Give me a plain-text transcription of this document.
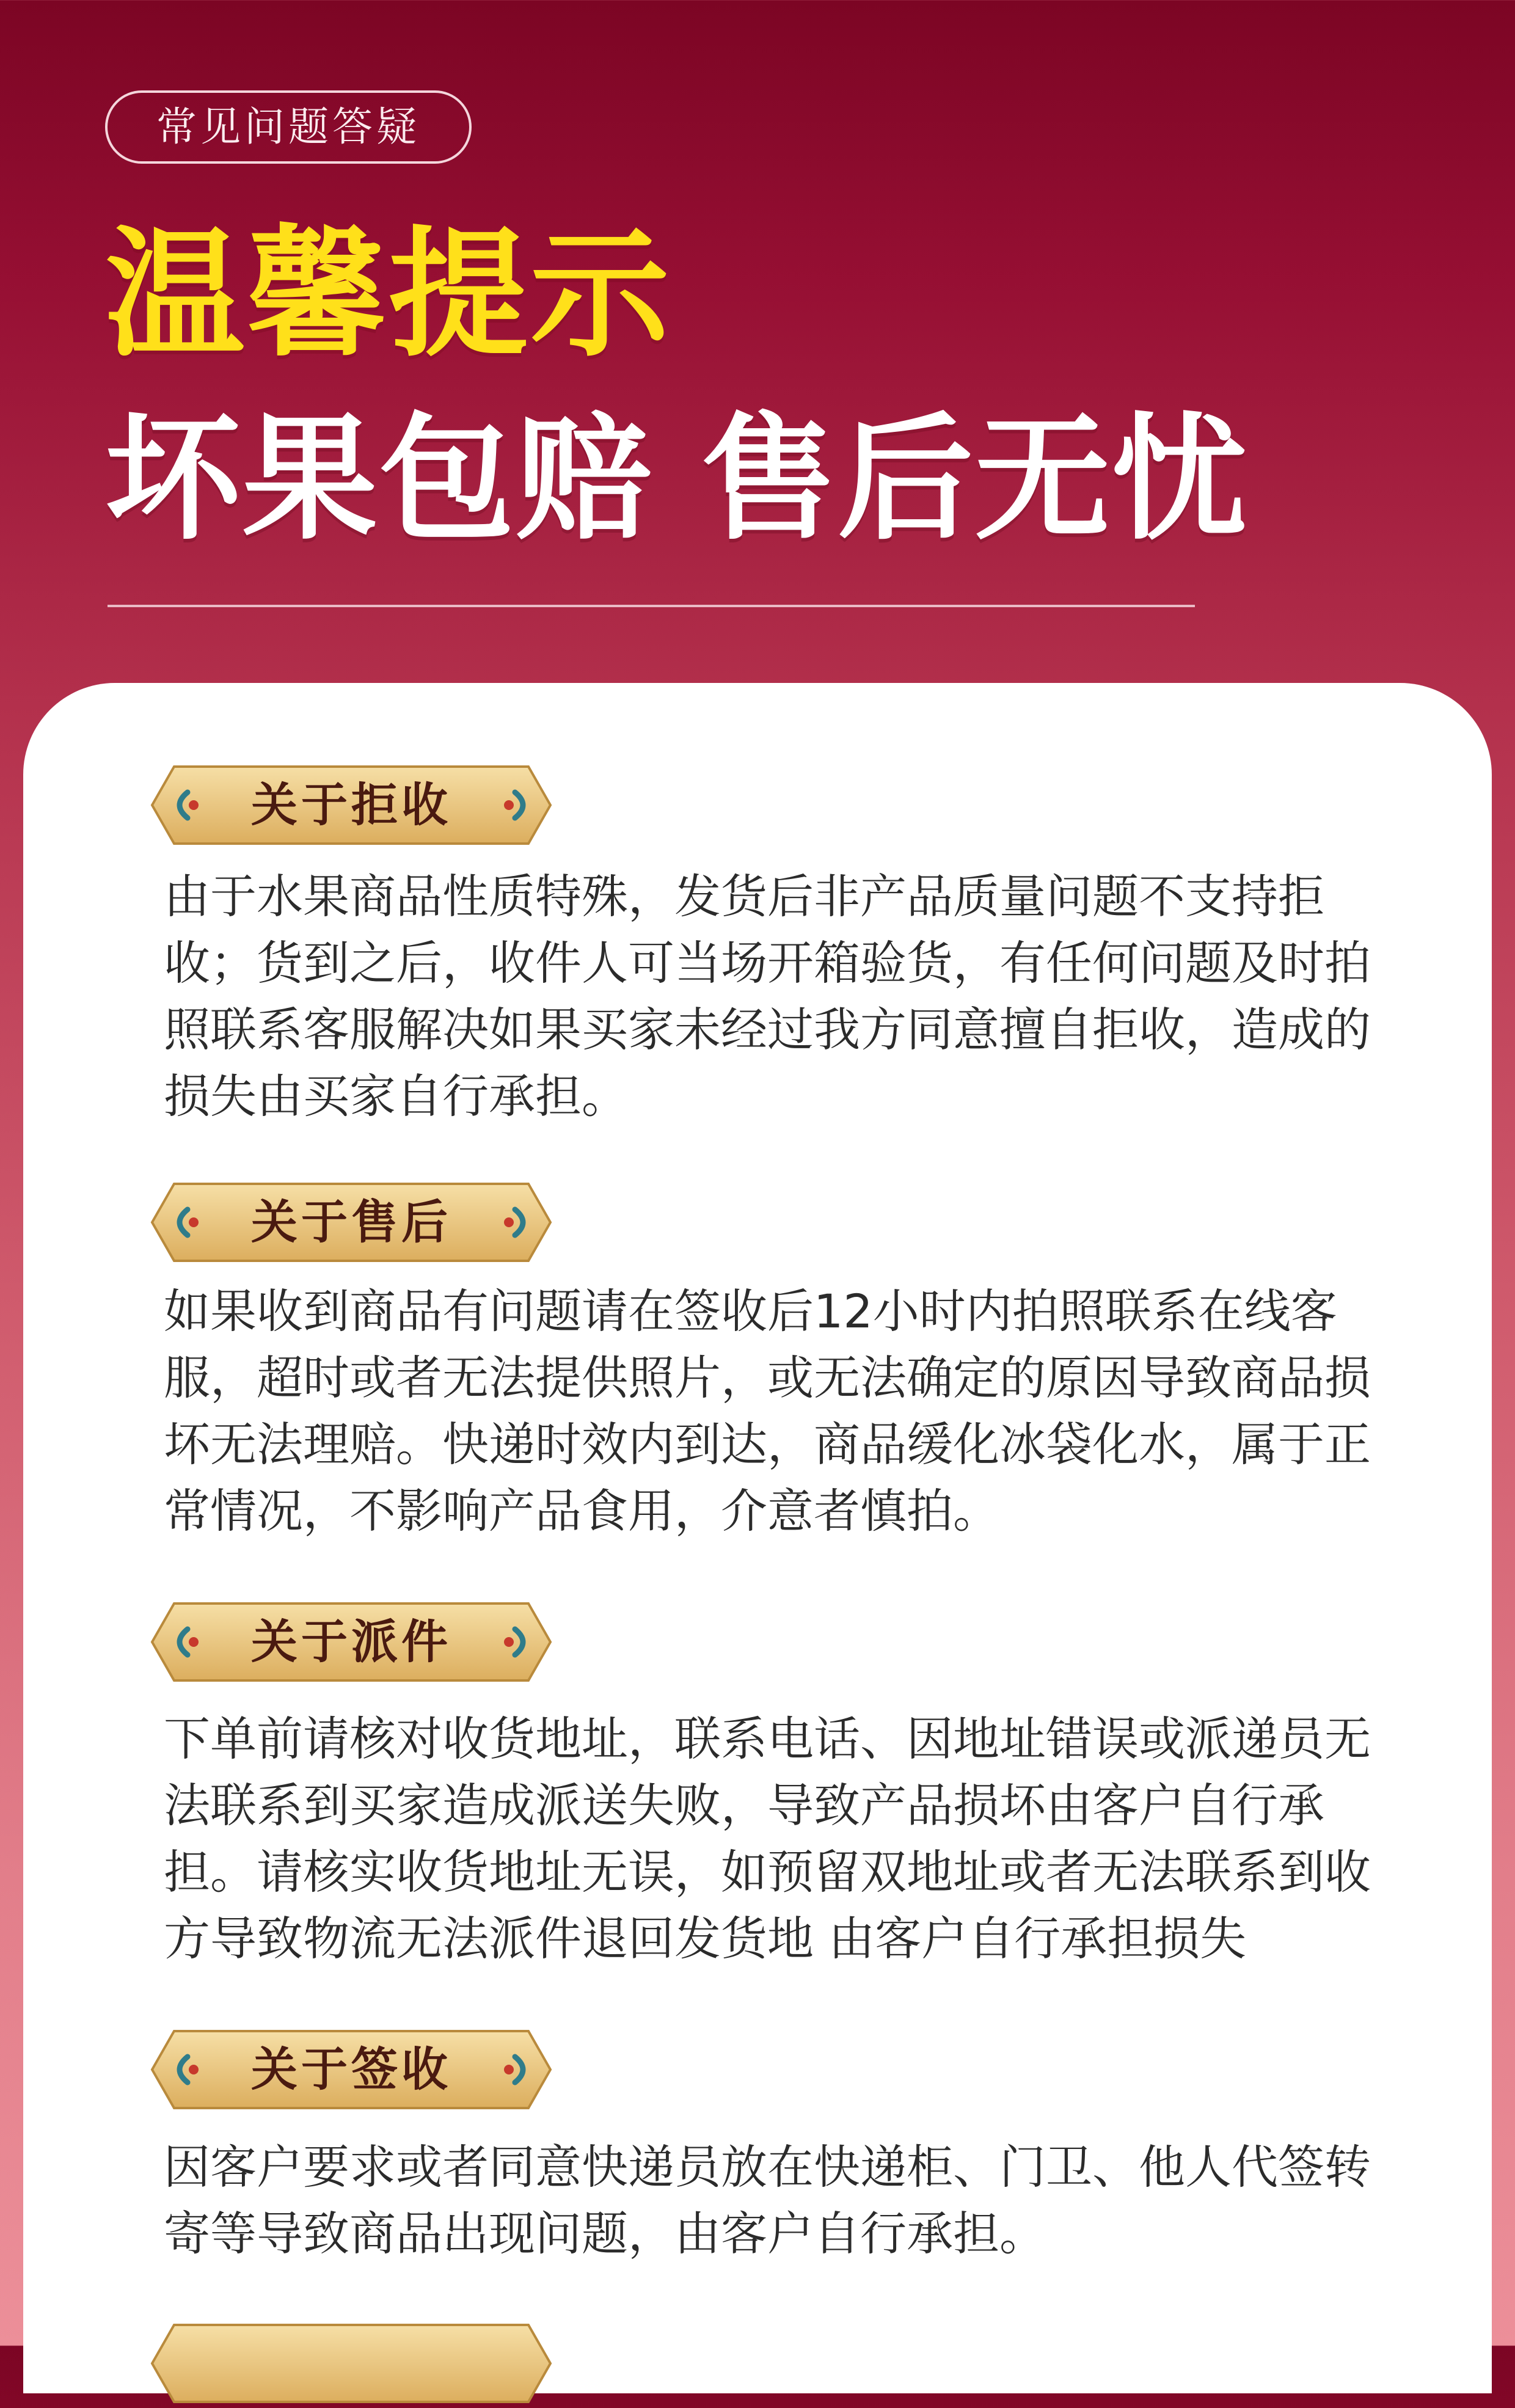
常见问题答疑
温馨提示
坏果包赔 售后无忧
关于拒收

由于水果商品性质特殊，发货后非产品质量问题不支持拒收；货到之后，收件人可当场开箱验货，有任何问题及时拍照联系客服解决如果买家未经过我方同意擅自拒收，造成的损失由买家自行承担。

关于售后

如果收到商品有问题请在签收后12小时内拍照联系在线客服，超时或者无法提供照片，或无法确定的原因导致商品损坏无法理赔。快递时效内到达，商品缓化冰袋化水，属于正常情况，不影响产品食用，介意者慎拍。

关于派件

下单前请核对收货地址，联系电话、因地址错误或派递员无法联系到买家造成派送失败，导致产品损坏由客户自行承担。请核实收货地址无误，如预留双地址或者无法联系到收方导致物流无法派件退回发货地 由客户自行承担损失

关于签收

因客户要求或者同意快递员放在快递柜、门卫、他人代签转寄等导致商品出现问题，由客户自行承担。
